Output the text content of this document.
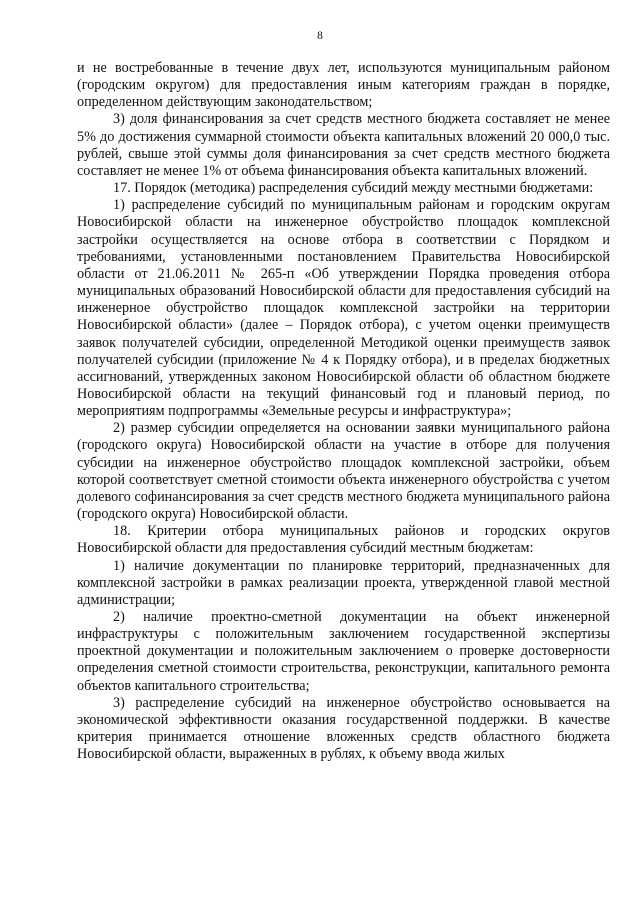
8

и не востребованные в течение двух лет, используются муниципальным районом (городским округом) для предоставления иным категориям граждан в порядке, определенном действующим законодательством;

3) доля финансирования за счет средств местного бюджета составляет не менее 5% до достижения суммарной стоимости объекта капитальных вложений 20 000,0 тыс. рублей, свыше этой суммы доля финансирования за счет средств местного бюджета составляет не менее 1% от объема финансирования объекта капитальных вложений.

17. Порядок (методика) распределения субсидий между местными бюджетами:

1) распределение субсидий по муниципальным районам и городским округам Новосибирской области на инженерное обустройство площадок комплексной застройки осуществляется на основе отбора в соответствии с Порядком и требованиями, установленными постановлением Правительства Новосибирской области от 21.06.2011 № 265-п «Об утверждении Порядка проведения отбора муниципальных образований Новосибирской области для предоставления субсидий на инженерное обустройство площадок комплексной застройки на территории Новосибирской области» (далее – Порядок отбора), с учетом оценки преимуществ заявок получателей субсидии, определенной Методикой оценки преимуществ заявок получателей субсидии (приложение № 4 к Порядку отбора), и в пределах бюджетных ассигнований, утвержденных законом Новосибирской области об областном бюджете Новосибирской области на текущий финансовый год и плановый период, по мероприятиям подпрограммы «Земельные ресурсы и инфраструктура»;

2) размер субсидии определяется на основании заявки муниципального района (городского округа) Новосибирской области на участие в отборе для получения субсидии на инженерное обустройство площадок комплексной застройки, объем которой соответствует сметной стоимости объекта инженерного обустройства с учетом долевого софинансирования за счет средств местного бюджета муниципального района (городского округа) Новосибирской области.

18. Критерии отбора муниципальных районов и городских округов Новосибирской области для предоставления субсидий местным бюджетам:

1) наличие документации по планировке территорий, предназначенных для комплексной застройки в рамках реализации проекта, утвержденной главой местной администрации;

2) наличие проектно-сметной документации на объект инженерной инфраструктуры с положительным заключением государственной экспертизы проектной документации и положительным заключением о проверке достоверности определения сметной стоимости строительства, реконструкции, капитального ремонта объектов капитального строительства;

3) распределение субсидий на инженерное обустройство основывается на экономической эффективности оказания государственной поддержки. В качестве критерия принимается отношение вложенных средств областного бюджета Новосибирской области, выраженных в рублях, к объему ввода жилых
